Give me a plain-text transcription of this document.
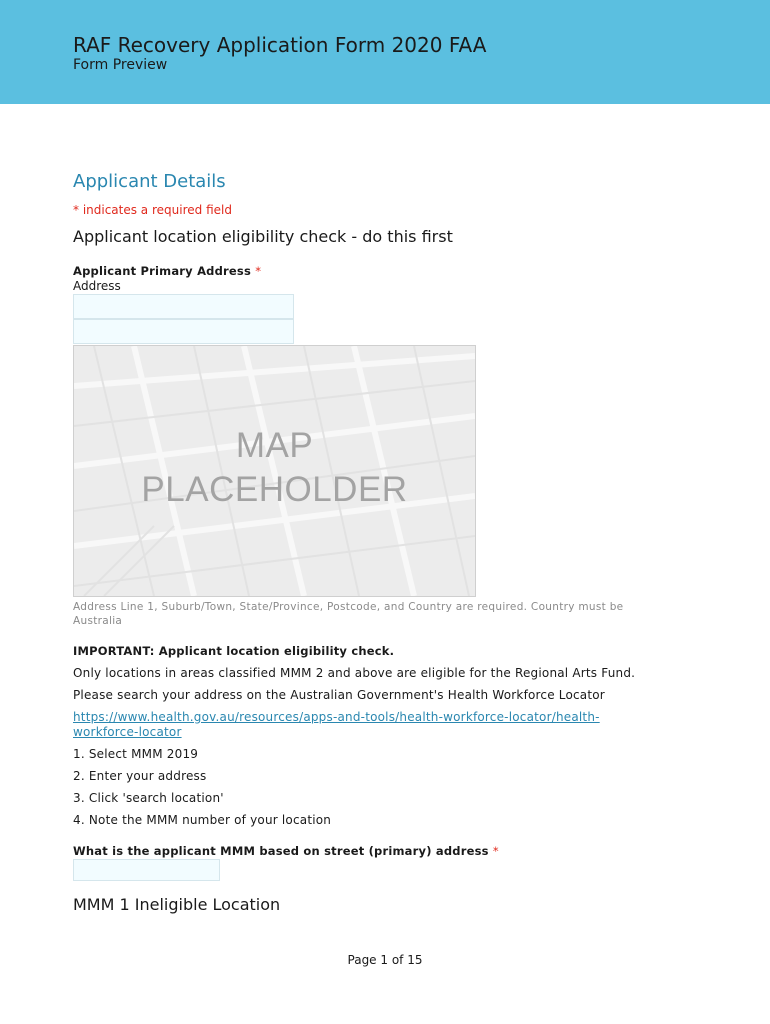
RAF Recovery Application Form 2020 FAA
Form Preview
Applicant Details
* indicates a required field
Applicant location eligibility check - do this first
Applicant Primary Address *
Address
MAP
PLACEHOLDER
Address Line 1, Suburb/Town, State/Province, Postcode, and Country are required. Country must be Australia
IMPORTANT: Applicant location eligibility check.
Only locations in areas classified MMM 2 and above are eligible for the Regional Arts Fund.
Please search your address on the Australian Government's Health Workforce Locator
https://www.health.gov.au/resources/apps-and-tools/health-workforce-locator/health-workforce-locator
1. Select MMM 2019
2. Enter your address
3. Click 'search location'
4. Note the MMM number of your location
What is the applicant MMM based on street (primary) address *
MMM 1 Ineligible Location
Page 1 of 15
